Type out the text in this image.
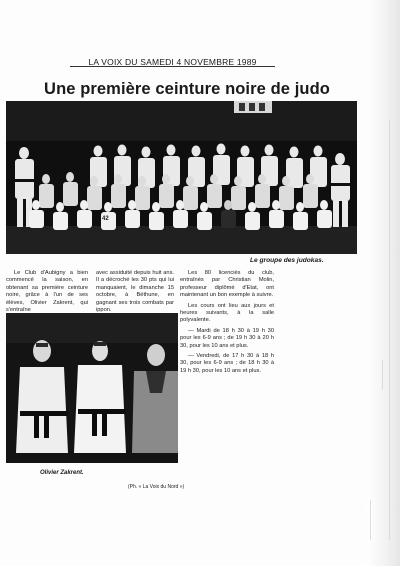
LA VOIX DU SAMEDI 4 NOVEMBRE 1989
Une première ceinture noire de judo
42
Le groupe des judokas.

Le Club d'Aubigny a bien commencé la saison, en obtenant sa première ceinture noire, grâce à l'un de ses élèves, Olivier Zakrent, qui s'entraîne

avec assiduité depuis huit ans. Il a décroché les 30 pts qui lui manquaient, le dimanche 15 octobre, à Béthune, en gagnant ses trois combats par ippon.

Les 80 licenciés du club, entraînés par Christian Molin, professeur diplômé d'Etat, ont maintenant un bon exemple à suivre.

Les cours ont lieu aux jours et heures suivants, à la salle polyvalente.

— Mardi de 18 h 30 à 19 h 30 pour les 6-9 ans ; de 19 h 30 à 20 h 30, pour les 10 ans et plus.

— Vendredi, de 17 h 30 à 18 h 30, pour les 6-9 ans ; de 18 h 30 à 19 h 30, pour les 10 ans et plus.

Olivier Zakrent.
(Ph. « La Voix du Nord »)
